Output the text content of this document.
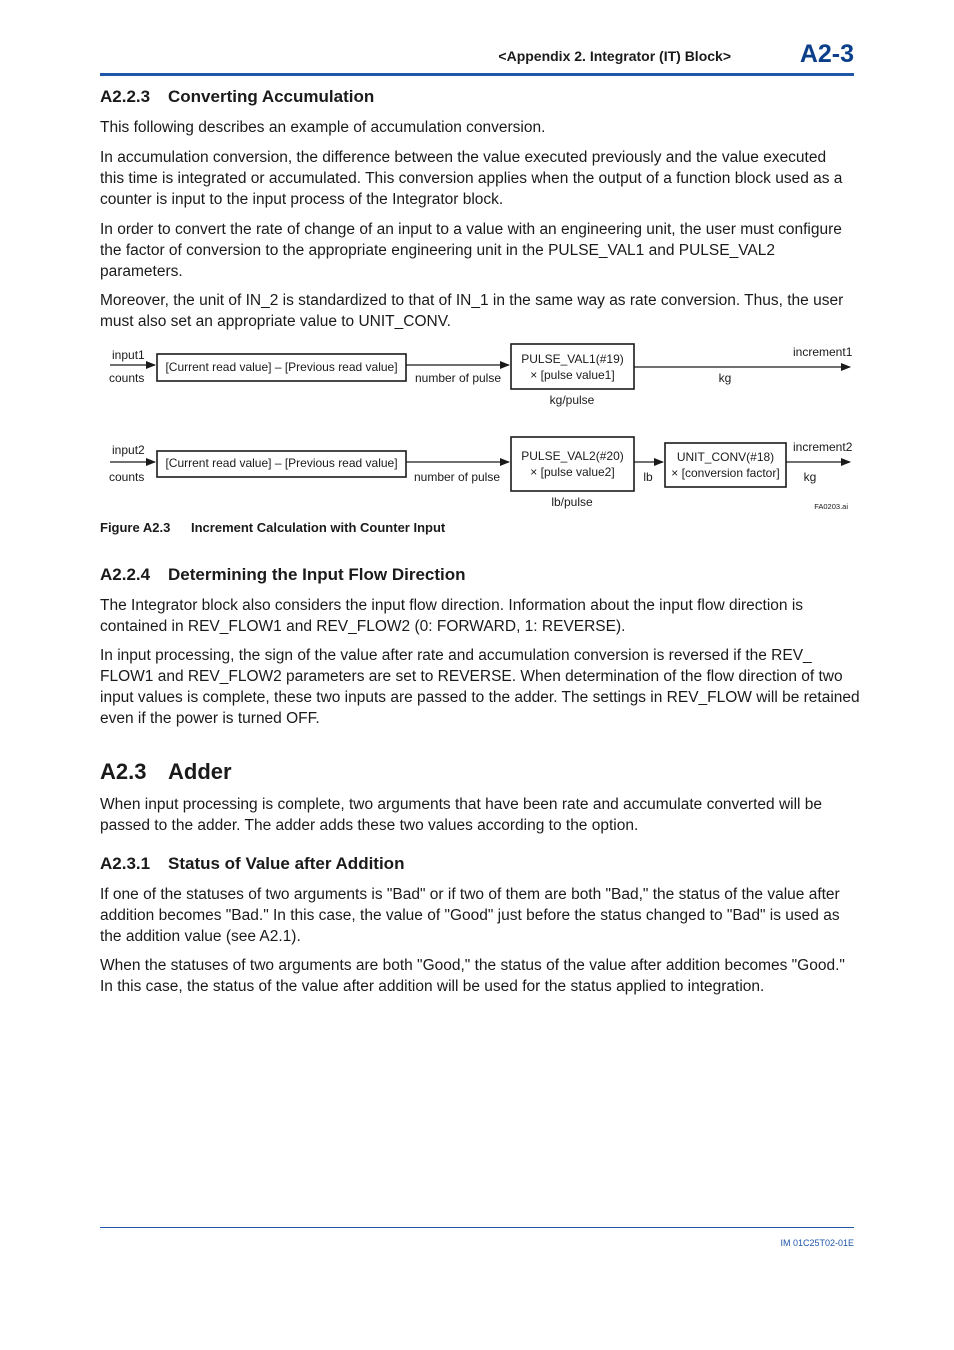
<Appendix 2. Integrator (IT) Block>	A2-3
A2.2.3 Converting Accumulation
This following describes an example of accumulation conversion.
In accumulation conversion, the difference between the value executed previously and the value executed
this time is integrated or accumulated. This conversion applies when the output of a function block used as a
counter is input to the input process of the Integrator block.
In order to convert the rate of change of an input to a value with an engineering unit, the user must configure
the factor of conversion to the appropriate engineering unit in the PULSE_VAL1 and PULSE_VAL2
parameters.
Moreover, the unit of IN_2 is standardized to that of IN_1 in the same way as rate conversion. Thus, the user
must also set an appropriate value to UNIT_CONV.
input1
counts
[Current read value] – [Previous read value]
number of pulse
PULSE_VAL1(#19)
× [pulse value1]
kg/pulse
kg
increment1
input2
counts
[Current read value] – [Previous read value]
number of pulse
PULSE_VAL2(#20)
× [pulse value2]
lb/pulse
lb
UNIT_CONV(#18)
× [conversion factor] kg
increment2
FA0203.ai
Figure A2.3 Increment Calculation with Counter Input
A2.2.4 Determining the Input Flow Direction
The Integrator block also considers the input flow direction. Information about the input flow direction is
contained in REV_FLOW1 and REV_FLOW2 (0: FORWARD, 1: REVERSE).
In input processing, the sign of the value after rate and accumulation conversion is reversed if the REV_
FLOW1 and REV_FLOW2 parameters are set to REVERSE. When determination of the flow direction of two
input values is complete, these two inputs are passed to the adder. The settings in REV_FLOW will be retained
even if the power is turned OFF.
A2.3 Adder
When input processing is complete, two arguments that have been rate and accumulate converted will be
passed to the adder. The adder adds these two values according to the option.
A2.3.1 Status of Value after Addition
If one of the statuses of two arguments is "Bad" or if two of them are both "Bad," the status of the value after
addition becomes "Bad." In this case, the value of "Good" just before the status changed to "Bad" is used as
the addition value (see A2.1).
When the statuses of two arguments are both "Good," the status of the value after addition becomes "Good."
In this case, the status of the value after addition will be used for the status applied to integration.
IM 01C25T02-01E
